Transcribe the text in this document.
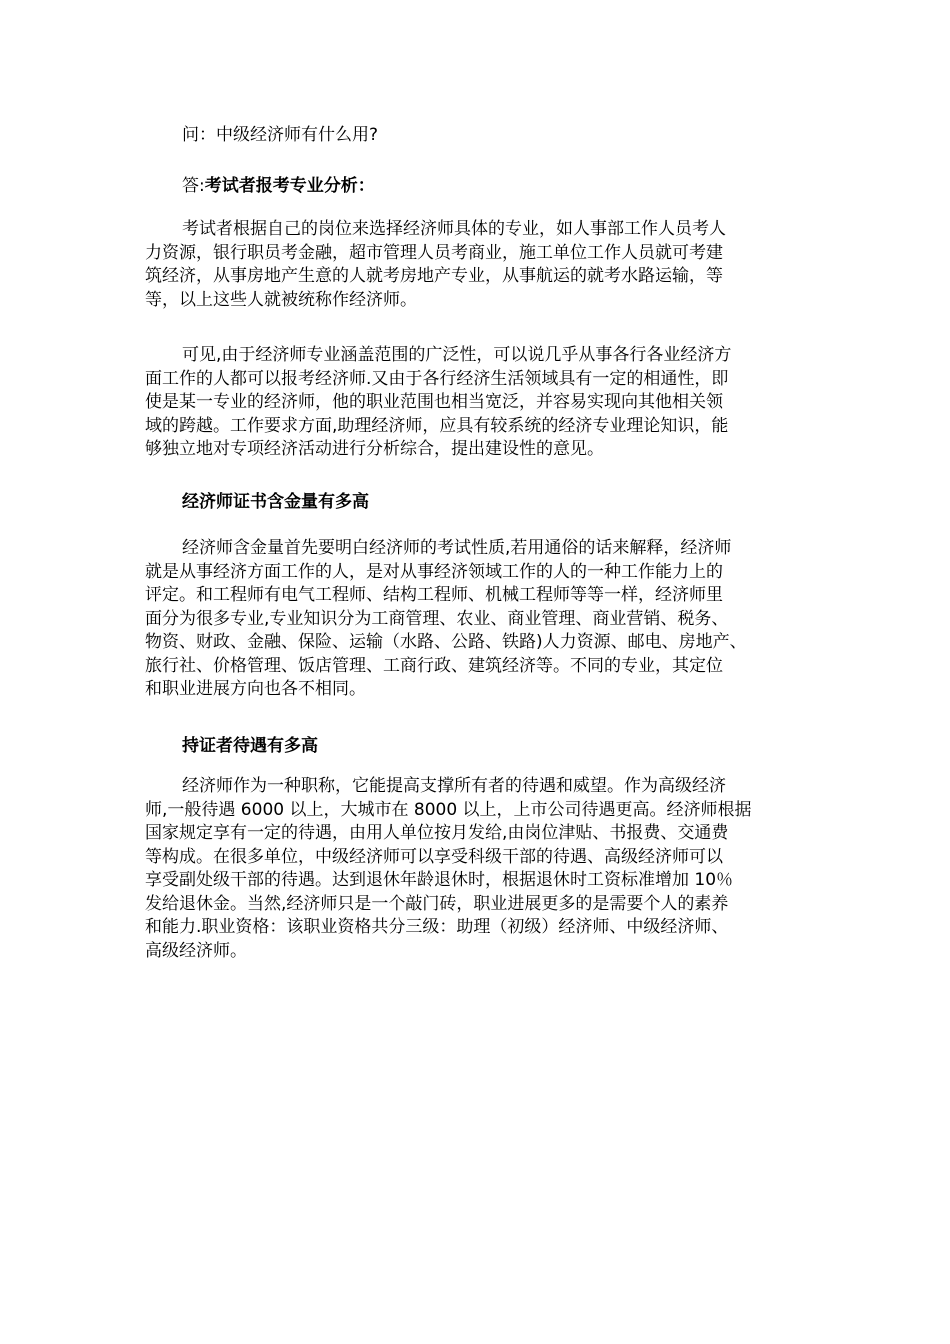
问：中级经济师有什么用?
答:考试者报考专业分析：
考试者根据自己的岗位来选择经济师具体的专业，如人事部工作人员考人
力资源，银行职员考金融，超市管理人员考商业，施工单位工作人员就可考建
筑经济，从事房地产生意的人就考房地产专业，从事航运的就考水路运输，等
等，以上这些人就被统称作经济师。
可见,由于经济师专业涵盖范围的广泛性，可以说几乎从事各行各业经济方
面工作的人都可以报考经济师.又由于各行经济生活领域具有一定的相通性，即
使是某一专业的经济师，他的职业范围也相当宽泛，并容易实现向其他相关领
域的跨越。工作要求方面,助理经济师，应具有较系统的经济专业理论知识，能
够独立地对专项经济活动进行分析综合，提出建设性的意见。
经济师证书含金量有多高
经济师含金量首先要明白经济师的考试性质,若用通俗的话来解释，经济师
就是从事经济方面工作的人，是对从事经济领域工作的人的一种工作能力上的
评定。和工程师有电气工程师、结构工程师、机械工程师等等一样，经济师里
面分为很多专业,专业知识分为工商管理、农业、商业管理、商业营销、税务、
物资、财政、金融、保险、运输（水路、公路、铁路)人力资源、邮电、房地产、
旅行社、价格管理、饭店管理、工商行政、建筑经济等。不同的专业，其定位
和职业进展方向也各不相同。
持证者待遇有多高
经济师作为一种职称，它能提高支撑所有者的待遇和威望。作为高级经济
师,一般待遇 6000 以上，大城市在 8000 以上，上市公司待遇更高。经济师根据
国家规定享有一定的待遇，由用人单位按月发给,由岗位津贴、书报费、交通费
等构成。在很多单位，中级经济师可以享受科级干部的待遇、高级经济师可以
享受副处级干部的待遇。达到退休年龄退休时，根据退休时工资标准增加 10％
发给退休金。当然,经济师只是一个敲门砖，职业进展更多的是需要个人的素养
和能力.职业资格：该职业资格共分三级：助理（初级）经济师、中级经济师、
高级经济师。
